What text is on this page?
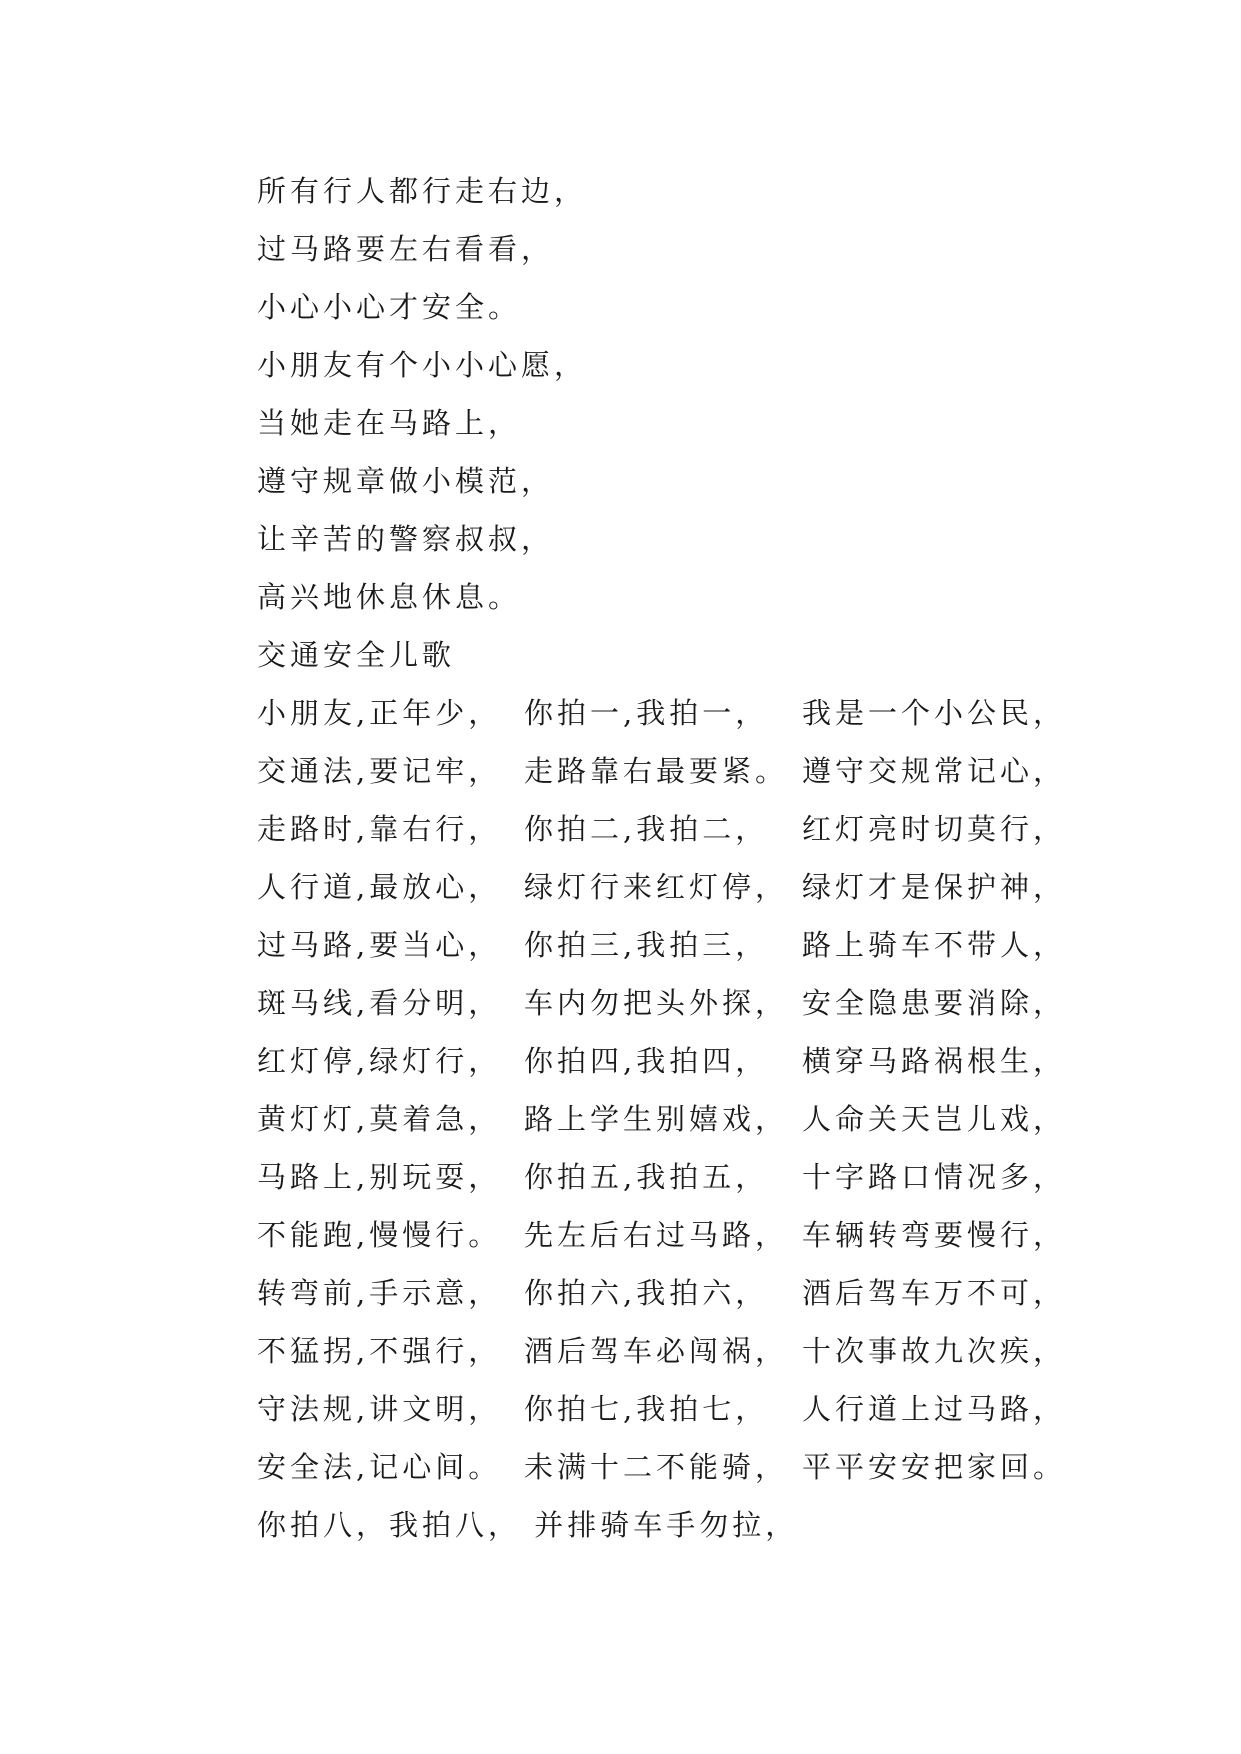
所有行人都行走右边，
过马路要左右看看，
小心小心才安全。
小朋友有个小小心愿，
当她走在马路上，
遵守规章做小模范，
让辛苦的警察叔叔，
高兴地休息休息。
交通安全儿歌
小朋友,正年少， 你拍一,我拍一，	我是一个小公民，
交通法,要记牢， 走路靠右最要紧。 遵守交规常记心，
走路时,靠右行， 你拍二,我拍二，	红灯亮时切莫行，
人行道,最放心， 绿灯行来红灯停， 绿灯才是保护神，
过马路,要当心， 你拍三,我拍三，	路上骑车不带人，
斑马线,看分明， 车内勿把头外探， 安全隐患要消除，
红灯停,绿灯行， 你拍四,我拍四，	横穿马路祸根生，
黄灯灯,莫着急， 路上学生别嬉戏， 人命关天岂儿戏，
马路上,别玩耍， 你拍五,我拍五，	十字路口情况多，
不能跑,慢慢行。 先左后右过马路， 车辆转弯要慢行，
转弯前,手示意， 你拍六,我拍六，	酒后驾车万不可，
不猛拐,不强行， 酒后驾车必闯祸， 十次事故九次疾，
守法规,讲文明， 你拍七,我拍七，	人行道上过马路，
安全法,记心间。 未满十二不能骑， 平平安安把家回。
你拍八，我拍八， 并排骑车手勿拉，
